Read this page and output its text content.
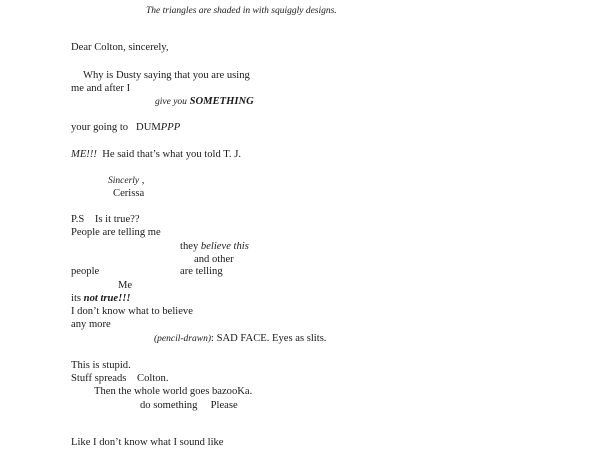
The triangles are shaded in with squiggly designs.
Dear Colton, sincerely,
Why is Dusty saying that you are using
me and after I
give you SOMETHING
your going to DUMPPP
ME!!! He said that’s what you told T. J.
Sincerly ,
Cerissa
P.S Is it true??
People are telling me
they believe this
and other
people	are telling
Me
its not true!!!
I don’t know what to believe
any more
(pencil-drawn): SAD FACE. Eyes as slits.
This is stupid.
Stuff spreads Colton.
Then the whole world goes bazooKa.
do something Please
Like I don’t know what I sound like
